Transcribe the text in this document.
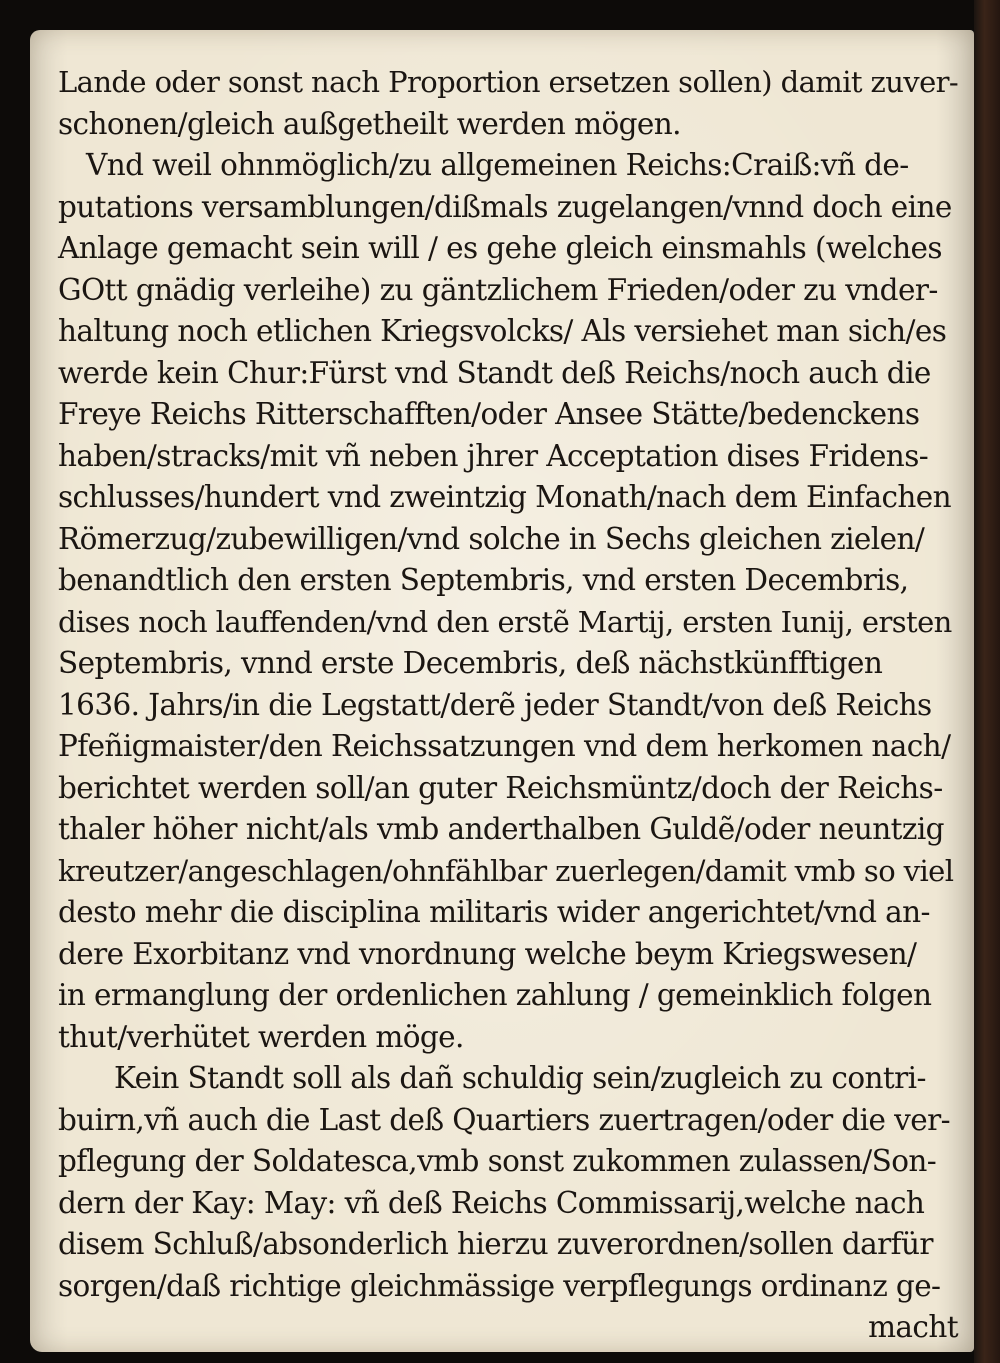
Lande oder sonst nach Proportion ersetzen sollen) damit zuver-
schonen/gleich außgetheilt werden mögen.
Vnd weil ohnmöglich/zu allgemeinen Reichs:Craiß:vñ de-
putations versamblungen/dißmals zugelangen/vnnd doch eine
Anlage gemacht sein will / es gehe gleich einsmahls (welches
GOtt gnädig verleihe) zu gäntzlichem Frieden/oder zu vnder-
haltung noch etlichen Kriegsvolcks/ Als versiehet man sich/es
werde kein Chur:Fürst vnd Standt deß Reichs/noch auch die
Freye Reichs Ritterschafften/oder Ansee Stätte/bedenckens
haben/stracks/mit vñ neben jhrer Acceptation dises Fridens-
schlusses/hundert vnd zweintzig Monath/nach dem Einfachen
Römerzug/zubewilligen/vnd solche in Sechs gleichen zielen/
benandtlich den ersten Septembris, vnd ersten Decembris,
dises noch lauffenden/vnd den erstẽ Martij, ersten Iunij, ersten
Septembris, vnnd erste Decembris, deß nächstkünfftigen
1636. Jahrs/in die Legstatt/derẽ jeder Standt/von deß Reichs
Pfeñigmaister/den Reichssatzungen vnd dem herkomen nach/
berichtet werden soll/an guter Reichsmüntz/doch der Reichs-
thaler höher nicht/als vmb anderthalben Guldẽ/oder neuntzig
kreutzer/angeschlagen/ohnfählbar zuerlegen/damit vmb so viel
desto mehr die disciplina militaris wider angerichtet/vnd an-
dere Exorbitanz vnd vnordnung welche beym Kriegswesen/
in ermanglung der ordenlichen zahlung / gemeinklich folgen
thut/verhütet werden möge.
Kein Standt soll als dañ schuldig sein/zugleich zu contri-
buirn,vñ auch die Last deß Quartiers zuertragen/oder die ver-
pflegung der Soldatesca,vmb sonst zukommen zulassen/Son-
dern der Kay: May: vñ deß Reichs Commissarij,welche nach
disem Schluß/absonderlich hierzu zuverordnen/sollen darfür
sorgen/daß richtige gleichmässige verpflegungs ordinanz ge-
macht
